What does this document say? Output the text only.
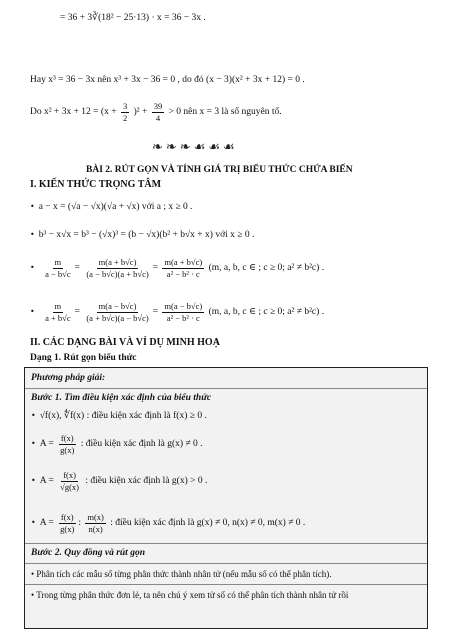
= 36 + 3∛(18² − 25·13) · x = 36 − 3x .
Hay x³ = 36 − 3x nên x³ + 3x − 36 = 0 , do đó (x − 3)(x² + 3x + 12) = 0 .
Do $x^2 + 3x + 12 = (x + \frac{3}{2} )^2 + \frac{39}{4} > 0$ nên x = 3 là số nguyên tố.
❧❧❧☙☙☙
BÀI 2. RÚT GỌN VÀ TÍNH GIÁ TRỊ BIỂU THỨC CHỨA BIẾN
I. KIẾN THỨC TRỌNG TÂM
• a − x = (√a − √x)(√a + √x) với a ; x ≥ 0 .
• b³ − x√x = b³ − (√x)³ = (b − √x)(b² + b√x + x) với x ≥ 0 .
• $\frac{m}{a - b√c} = \frac{m(a + b√c)}{(a - b√c)(a + b√c)} = \frac{m(a + b√c)}{\text{a² − b² · c}} (m$, a, b, c ∈ ; c ≥ 0; a² ≠ b²c) .
• $\frac{m}{a + b√c} = \frac{m(a - b√c)}{(a + b√c)(a - b√c)} = \frac{m(a - b√c)}{\text{a² − b² · c}} (m$, a, b, c ∈ ; c ≥ 0; a² ≠ b²c) .
II. CÁC DẠNG BÀI VÀ VÍ DỤ MINH HOẠ
Dạng 1. Rút gọn biểu thức
Phương pháp giải:
Bước 1. Tìm điều kiện xác định của biểu thức
• √f(x), ∜f(x) : điều kiện xác định là f(x) ≥ 0 .
• $A = \frac{f(x)}{g(x)}$ : điều kiện xác định là g(x) ≠ 0 .
• $A = \frac{f(x)}{√g(x)}$ : điều kiện xác định là g(x) > 0 .
• $A = \frac{f(x)}{g(x)}$ : $\frac{m(x)}{n(x)}$ : điều kiện xác định là g(x) ≠ 0, n(x) ≠ 0, m(x) ≠ 0 .
Bước 2. Quy đồng và rút gọn
• Phân tích các mẫu số từng phân thức thành nhân tử (nếu mẫu số có thể phân tích).
• Trong từng phân thức đơn lẻ, ta nên chú ý xem tử số có thể phân tích thành nhân tử rồi
